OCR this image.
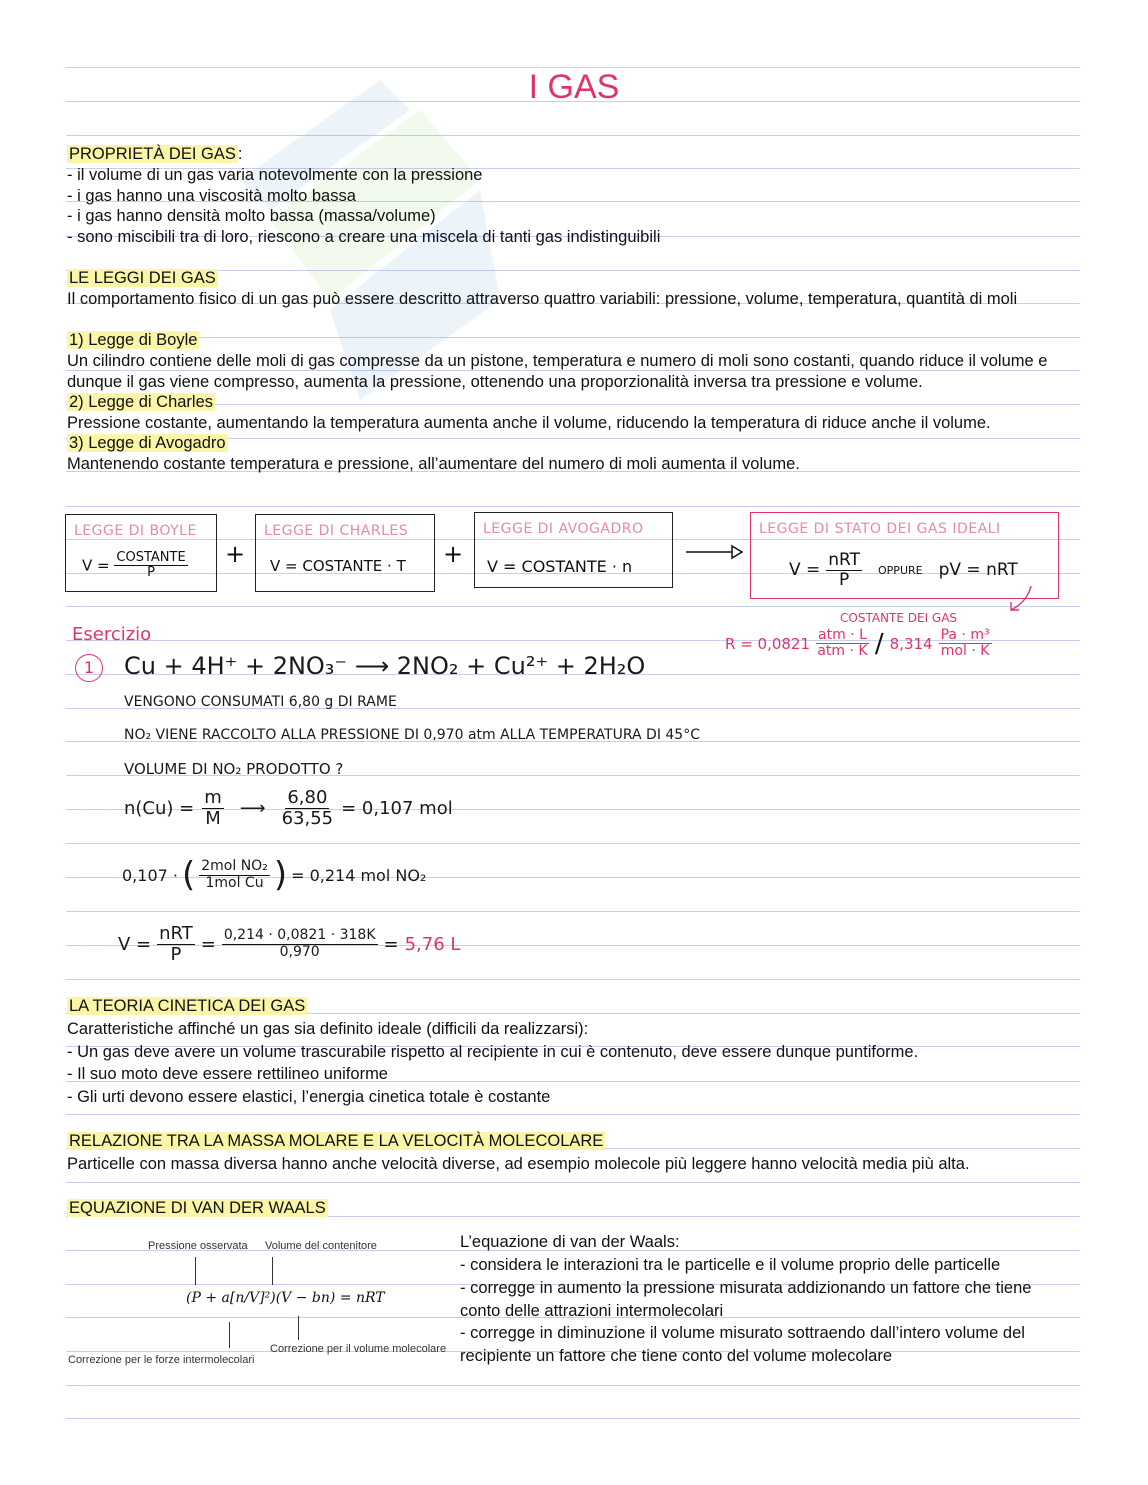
I GAS
PROPRIETÀ DEI GAS :
- il volume di un gas varia notevolmente con la pressione
- i gas hanno una viscosità molto bassa
- i gas hanno densità molto bassa (massa/volume)
- sono miscibili tra di loro, riescono a creare una miscela di tanti gas indistinguibili
LE LEGGI DEI GAS
Il comportamento fisico di un gas può essere descritto attraverso quattro variabili: pressione, volume, temperatura, quantità di moli
1) Legge di Boyle
Un cilindro contiene delle moli di gas compresse da un pistone, temperatura e numero di moli sono costanti, quando riduce il volume e dunque il gas viene compresso, aumenta la pressione, ottenendo una proporzionalità inversa tra pressione e volume.
2) Legge di Charles
Pressione costante, aumentando la temperatura aumenta anche il volume, riducendo la temperatura di riduce anche il volume.
3) Legge di Avogadro
Mantenendo costante temperatura e pressione, all’aumentare del numero di moli aumenta il volume.
LEGGE DI BOYLE
$V = \frac{\text{COSTANTE}}{P}$ +
LEGGE DI CHARLES
V = COSTANTE · T +
LEGGE DI AVOGADRO
V = COSTANTE · n
LEGGE DI STATO DEI GAS IDEALI
$V = \frac{\text{nRT}}{P}$ OPPURE pV = nRT
COSTANTE DEI GAS
$R = 0,0821 \frac{\text{atm · L}}{\text{atm · K}} / 8,314 \frac{\text{Pa · m³}}{\text{mol · K}}$
Esercizio
1	Cu + 4H⁺ + 2NO₃⁻ ⟶ 2NO₂ + Cu²⁺ + 2H₂O
VENGONO CONSUMATI 6,80 g DI RAME
NO₂ VIENE RACCOLTO ALLA PRESSIONE DI 0,970 atm ALLA TEMPERATURA DI 45°C
VOLUME DI NO₂ PRODOTTO ?
$n(Cu) = \frac{m}{M}$ ⟶ $\frac{6,80}{63,55} = 0,107$ mol
0,107 · ( $\frac{\text{2mol NO₂}}{\text{1mol Cu}}$ ) = 0,214 mol NO₂
$V = \frac{\text{nRT}}{P} = \frac{0,214 \cdot 0,0821 \cdot 318K}{0,970} = 5,76$ L
LA TEORIA CINETICA DEI GAS
Caratteristiche affinché un gas sia definito ideale (difficili da realizzarsi):
- Un gas deve avere un volume trascurabile rispetto al recipiente in cui è contenuto, deve essere dunque puntiforme.
- Il suo moto deve essere rettilineo uniforme
- Gli urti devono essere elastici, l’energia cinetica totale è costante
RELAZIONE TRA LA MASSA MOLARE E LA VELOCITÀ MOLECOLARE
Particelle con massa diversa hanno anche velocità diverse, ad esempio molecole più leggere hanno velocità media più alta.
EQUAZIONE DI VAN DER WAALS
Pressione osservata Volume del contenitore
(P + a[n/V]²)(V − bn) = nRT
Correzione per le forze intermolecolari
Correzione per il volume molecolare
L’equazione di van der Waals:
- considera le interazioni tra le particelle e il volume proprio delle particelle
- corregge in aumento la pressione misurata addizionando un fattore che tiene conto delle attrazioni intermolecolari
- corregge in diminuzione il volume misurato sottraendo dall’intero volume del recipiente un fattore che tiene conto del volume molecolare
